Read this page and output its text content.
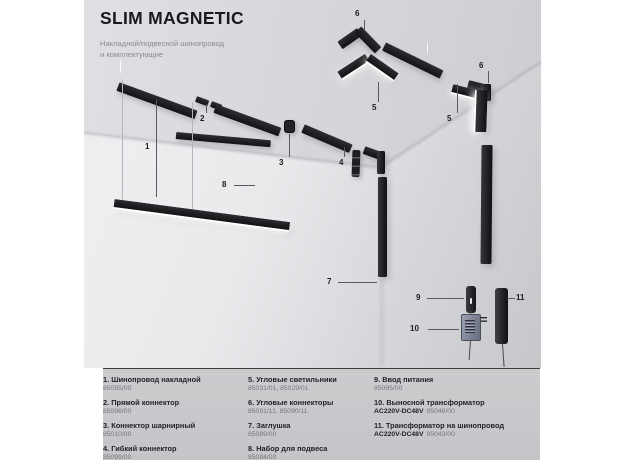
SLIM MAGNETIC
Накладной/подвесной шинопровод
и комплектующие
=
1
2
3	4
5
5
6
6
7
8
9
10
11
1. Шинопровод накладной
85085/00
2. Прямой коннектор
85096/00
3. Коннектор шарнирный
85010/00
4. Гибкий коннектор
85099/00
5. Угловые светильники
85031/01, 85029/01
6. Угловые коннекторы
85091/11, 85090/11
7. Заглушка
85089/00
8. Набор для подвеса
85094/00
9. Ввод питания
85095/00
10. Выносной трансформатор
AC220V-DC48V 95046/00
11. Трансформатор на шинопровод
AC220V-DC48V 95043/00
